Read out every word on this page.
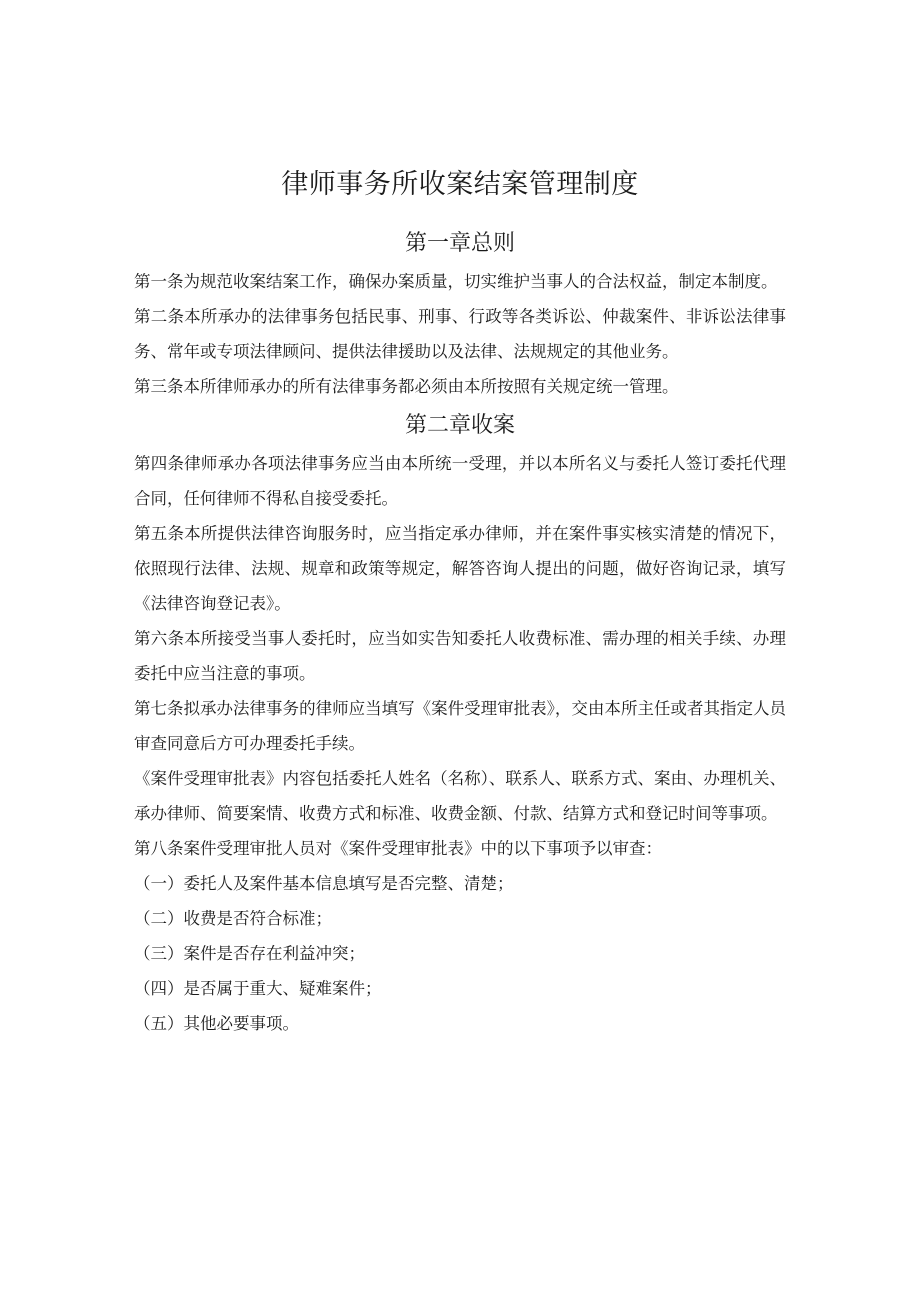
律师事务所收案结案管理制度
第一章总则

第一条为规范收案结案工作，确保办案质量，切实维护当事人的合法权益，制定本制度。

第二条本所承办的法律事务包括民事、刑事、行政等各类诉讼、仲裁案件、非诉讼法律事务、常年或专项法律顾问、提供法律援助以及法律、法规规定的其他业务。

第三条本所律师承办的所有法律事务都必须由本所按照有关规定统一管理。

第二章收案

第四条律师承办各项法律事务应当由本所统一受理，并以本所名义与委托人签订委托代理合同，任何律师不得私自接受委托。

第五条本所提供法律咨询服务时，应当指定承办律师，并在案件事实核实清楚的情况下，依照现行法律、法规、规章和政策等规定，解答咨询人提出的问题，做好咨询记录，填写《法律咨询登记表》。

第六条本所接受当事人委托时，应当如实告知委托人收费标准、需办理的相关手续、办理委托中应当注意的事项。

第七条拟承办法律事务的律师应当填写《案件受理审批表》，交由本所主任或者其指定人员审查同意后方可办理委托手续。

《案件受理审批表》内容包括委托人姓名（名称）、联系人、联系方式、案由、办理机关、承办律师、简要案情、收费方式和标准、收费金额、付款、结算方式和登记时间等事项。

第八条案件受理审批人员对《案件受理审批表》中的以下事项予以审查：

（一）委托人及案件基本信息填写是否完整、清楚；

（二）收费是否符合标准；

（三）案件是否存在利益冲突；

（四）是否属于重大、疑难案件；

（五）其他必要事项。
